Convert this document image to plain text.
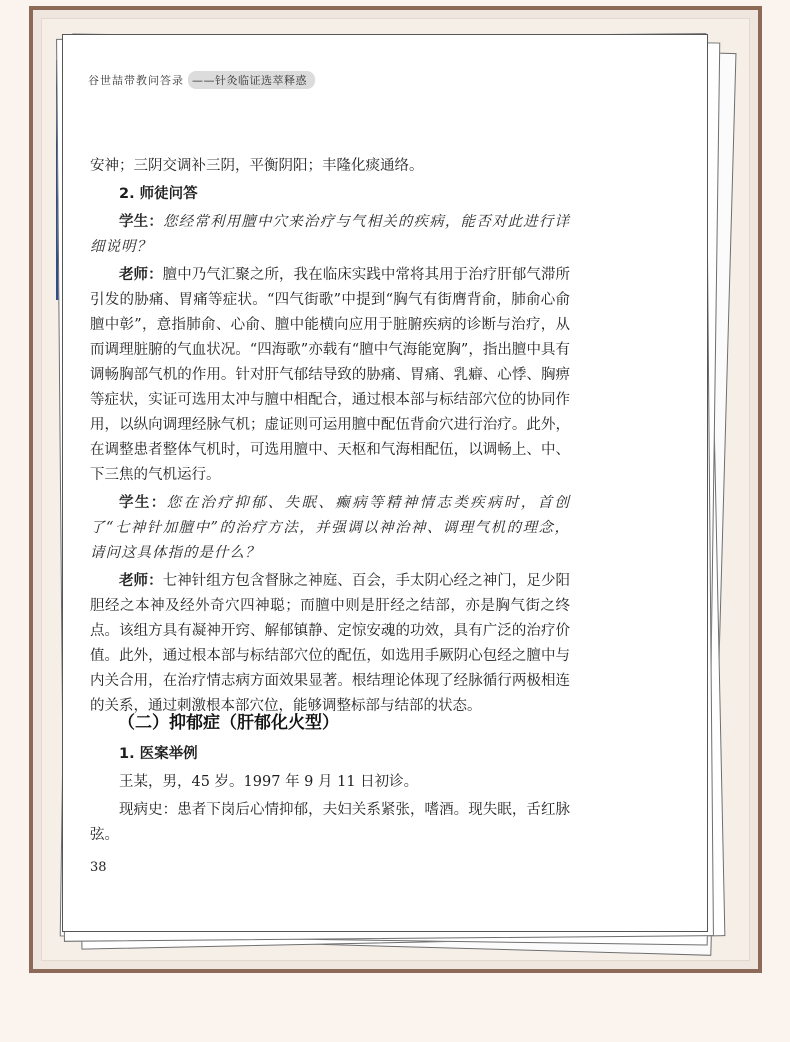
谷世喆带教问答录 ——针灸临证选萃释惑

安神；三阴交调补三阴，平衡阴阳；丰隆化痰通络。

2. 师徒问答

学生：您经常利用膻中穴来治疗与气相关的疾病，能否对此进行详细说明？

老师：膻中乃气汇聚之所，我在临床实践中常将其用于治疗肝郁气滞所引发的胁痛、胃痛等症状。“四气街歌”中提到“胸气有街膺背俞，肺俞心俞膻中彰”，意指肺俞、心俞、膻中能横向应用于脏腑疾病的诊断与治疗，从而调理脏腑的气血状况。“四海歌”亦载有“膻中气海能宽胸”，指出膻中具有调畅胸部气机的作用。针对肝气郁结导致的胁痛、胃痛、乳癖、心悸、胸痹等症状，实证可选用太冲与膻中相配合，通过根本部与标结部穴位的协同作用，以纵向调理经脉气机；虚证则可运用膻中配伍背俞穴进行治疗。此外，在调整患者整体气机时，可选用膻中、天枢和气海相配伍，以调畅上、中、下三焦的气机运行。

学生：您在治疗抑郁、失眠、癫病等精神情志类疾病时，首创了“七神针加膻中”的治疗方法，并强调以神治神、调理气机的理念，请问这具体指的是什么？

老师：七神针组方包含督脉之神庭、百会，手太阴心经之神门，足少阳胆经之本神及经外奇穴四神聪；而膻中则是肝经之结部，亦是胸气街之终点。该组方具有凝神开窍、解郁镇静、定惊安魂的功效，具有广泛的治疗价值。此外，通过根本部与标结部穴位的配伍，如选用手厥阴心包经之膻中与内关合用，在治疗情志病方面效果显著。根结理论体现了经脉循行两极相连的关系，通过刺激根本部穴位，能够调整标部与结部的状态。

（二）抑郁症（肝郁化火型）

1. 医案举例

王某，男，45 岁。1997 年 9 月 11 日初诊。

现病史：患者下岗后心情抑郁，夫妇关系紧张，嗜酒。现失眠，舌红脉弦。

38
